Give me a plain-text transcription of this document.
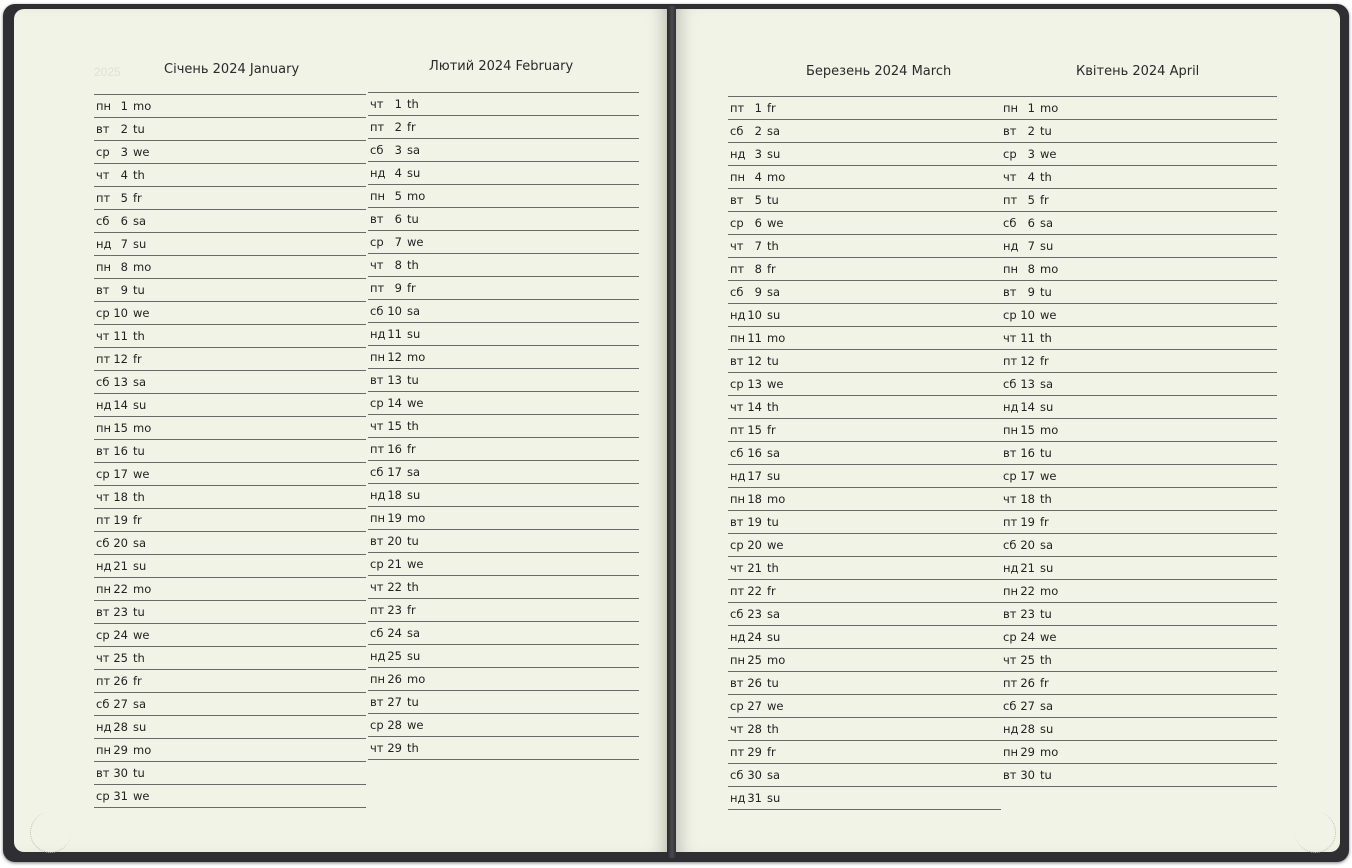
2025	Січень 2024 January	Лютий 2024 February	Березень 2024 March	Квітень 2024 April
пн 1 mo
вт 2 tu
ср 3 we
чт 4 th
пт 5 fr
сб 6 sa
нд 7 su
пн 8 mo
вт 9 tu
ср 10 we
чт 11 th
пт 12 fr
сб 13 sa
нд 14 su
пн 15 mo
вт 16 tu
ср 17 we
чт 18 th
пт 19 fr
сб 20 sa
нд 21 su
пн 22 mo
вт 23 tu
ср 24 we
чт 25 th
пт 26 fr
сб 27 sa
нд 28 su
пн 29 mo
вт 30 tu
ср 31 we
чт 1 th
пт 2 fr
сб 3 sa
нд 4 su
пн 5 mo
вт 6 tu
ср 7 we
чт 8 th
пт 9 fr
сб 10 sa
нд 11 su
пн 12 mo
вт 13 tu
ср 14 we
чт 15 th
пт 16 fr
сб 17 sa
нд 18 su
пн 19 mo
вт 20 tu
ср 21 we
чт 22 th
пт 23 fr
сб 24 sa
нд 25 su
пн 26 mo
вт 27 tu
ср 28 we
чт 29 th
пт 1 fr
сб 2 sa
нд 3 su
пн 4 mo
вт 5 tu
ср 6 we
чт 7 th
пт 8 fr
сб 9 sa
нд 10 su
пн 11 mo
вт 12 tu
ср 13 we
чт 14 th
пт 15 fr
сб 16 sa
нд 17 su
пн 18 mo
вт 19 tu
ср 20 we
чт 21 th
пт 22 fr
сб 23 sa
нд 24 su
пн 25 mo
вт 26 tu
ср 27 we
чт 28 th
пт 29 fr
сб 30 sa
нд 31 su
пн 1 mo
вт 2 tu
ср 3 we
чт 4 th
пт 5 fr
сб 6 sa
нд 7 su
пн 8 mo
вт 9 tu
ср 10 we
чт 11 th
пт 12 fr
сб 13 sa
нд 14 su
пн 15 mo
вт 16 tu
ср 17 we
чт 18 th
пт 19 fr
сб 20 sa
нд 21 su
пн 22 mo
вт 23 tu
ср 24 we
чт 25 th
пт 26 fr
сб 27 sa
нд 28 su
пн 29 mo
вт 30 tu
